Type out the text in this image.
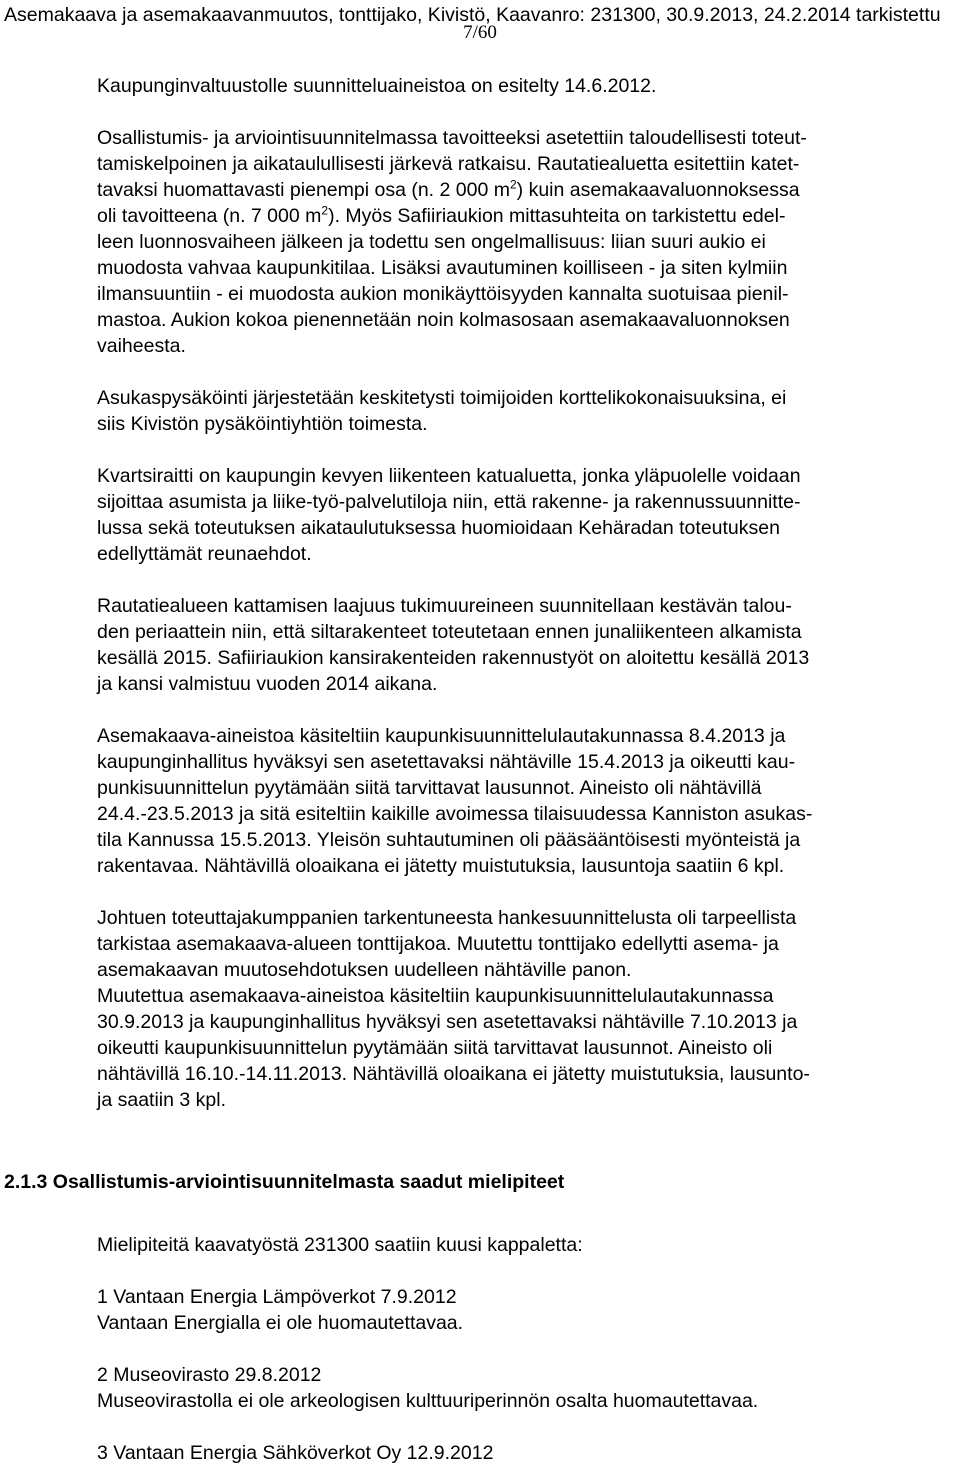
Asemakaava ja asemakaavanmuutos, tonttijako, Kivistö, Kaavanro: 231300, 30.9.2013, 24.2.2014 tarkistettu
7/60

Kaupunginvaltuustolle suunnitteluaineistoa on esitelty 14.6.2012.

Osallistumis- ja arviointisuunnitelmassa tavoitteeksi asetettiin taloudellisesti toteut-
tamiskelpoinen ja aikataulullisesti järkevä ratkaisu. Rautatiealuetta esitettiin katet-
tavaksi huomattavasti pienempi osa (n. 2 000 $m^2$) kuin asemakaavaluonnoksessa
oli tavoitteena (n. 7 000 $m^2$). Myös Safiiriaukion mittasuhteita on tarkistettu edel-
leen luonnosvaiheen jälkeen ja todettu sen ongelmallisuus: liian suuri aukio ei
muodosta vahvaa kaupunkitilaa. Lisäksi avautuminen koilliseen - ja siten kylmiin
ilmansuuntiin - ei muodosta aukion monikäyttöisyyden kannalta suotuisaa pienil-
mastoa. Aukion kokoa pienennetään noin kolmasosaan asemakaavaluonnoksen
vaiheesta.

Asukaspysäköinti järjestetään keskitetysti toimijoiden korttelikokonaisuuksina, ei
siis Kivistön pysäköintiyhtiön toimesta.

Kvartsiraitti on kaupungin kevyen liikenteen katualuetta, jonka yläpuolelle voidaan
sijoittaa asumista ja liike-työ-palvelutiloja niin, että rakenne- ja rakennussuunnitte-
lussa sekä toteutuksen aikataulutuksessa huomioidaan Kehäradan toteutuksen
edellyttämät reunaehdot.

Rautatiealueen kattamisen laajuus tukimuureineen suunnitellaan kestävän talou-
den periaattein niin, että siltarakenteet toteutetaan ennen junaliikenteen alkamista
kesällä 2015. Safiiriaukion kansirakenteiden rakennustyöt on aloitettu kesällä 2013
ja kansi valmistuu vuoden 2014 aikana.

Asemakaava-aineistoa käsiteltiin kaupunkisuunnittelulautakunnassa 8.4.2013 ja
kaupunginhallitus hyväksyi sen asetettavaksi nähtäville 15.4.2013 ja oikeutti kau-
punkisuunnittelun pyytämään siitä tarvittavat lausunnot. Aineisto oli nähtävillä
24.4.-23.5.2013 ja sitä esiteltiin kaikille avoimessa tilaisuudessa Kanniston asukas-
tila Kannussa 15.5.2013. Yleisön suhtautuminen oli pääsääntöisesti myönteistä ja
rakentavaa. Nähtävillä oloaikana ei jätetty muistutuksia, lausuntoja saatiin 6 kpl.

Johtuen toteuttajakumppanien tarkentuneesta hankesuunnittelusta oli tarpeellista
tarkistaa asemakaava-alueen tonttijakoa. Muutettu tonttijako edellytti asema- ja
asemakaavan muutosehdotuksen uudelleen nähtäville panon.
Muutettua asemakaava-aineistoa käsiteltiin kaupunkisuunnittelulautakunnassa
30.9.2013 ja kaupunginhallitus hyväksyi sen asetettavaksi nähtäville 7.10.2013 ja
oikeutti kaupunkisuunnittelun pyytämään siitä tarvittavat lausunnot. Aineisto oli
nähtävillä 16.10.-14.11.2013. Nähtävillä oloaikana ei jätetty muistutuksia, lausunto-
ja saatiin 3 kpl.

2.1.3 Osallistumis-arviointisuunnitelmasta saadut mielipiteet

Mielipiteitä kaavatyöstä 231300 saatiin kuusi kappaletta:

1 Vantaan Energia Lämpöverkot 7.9.2012

Vantaan Energialla ei ole huomautettavaa.

2 Museovirasto 29.8.2012

Museovirastolla ei ole arkeologisen kulttuuriperinnön osalta huomautettavaa.

3 Vantaan Energia Sähköverkot Oy 12.9.2012
